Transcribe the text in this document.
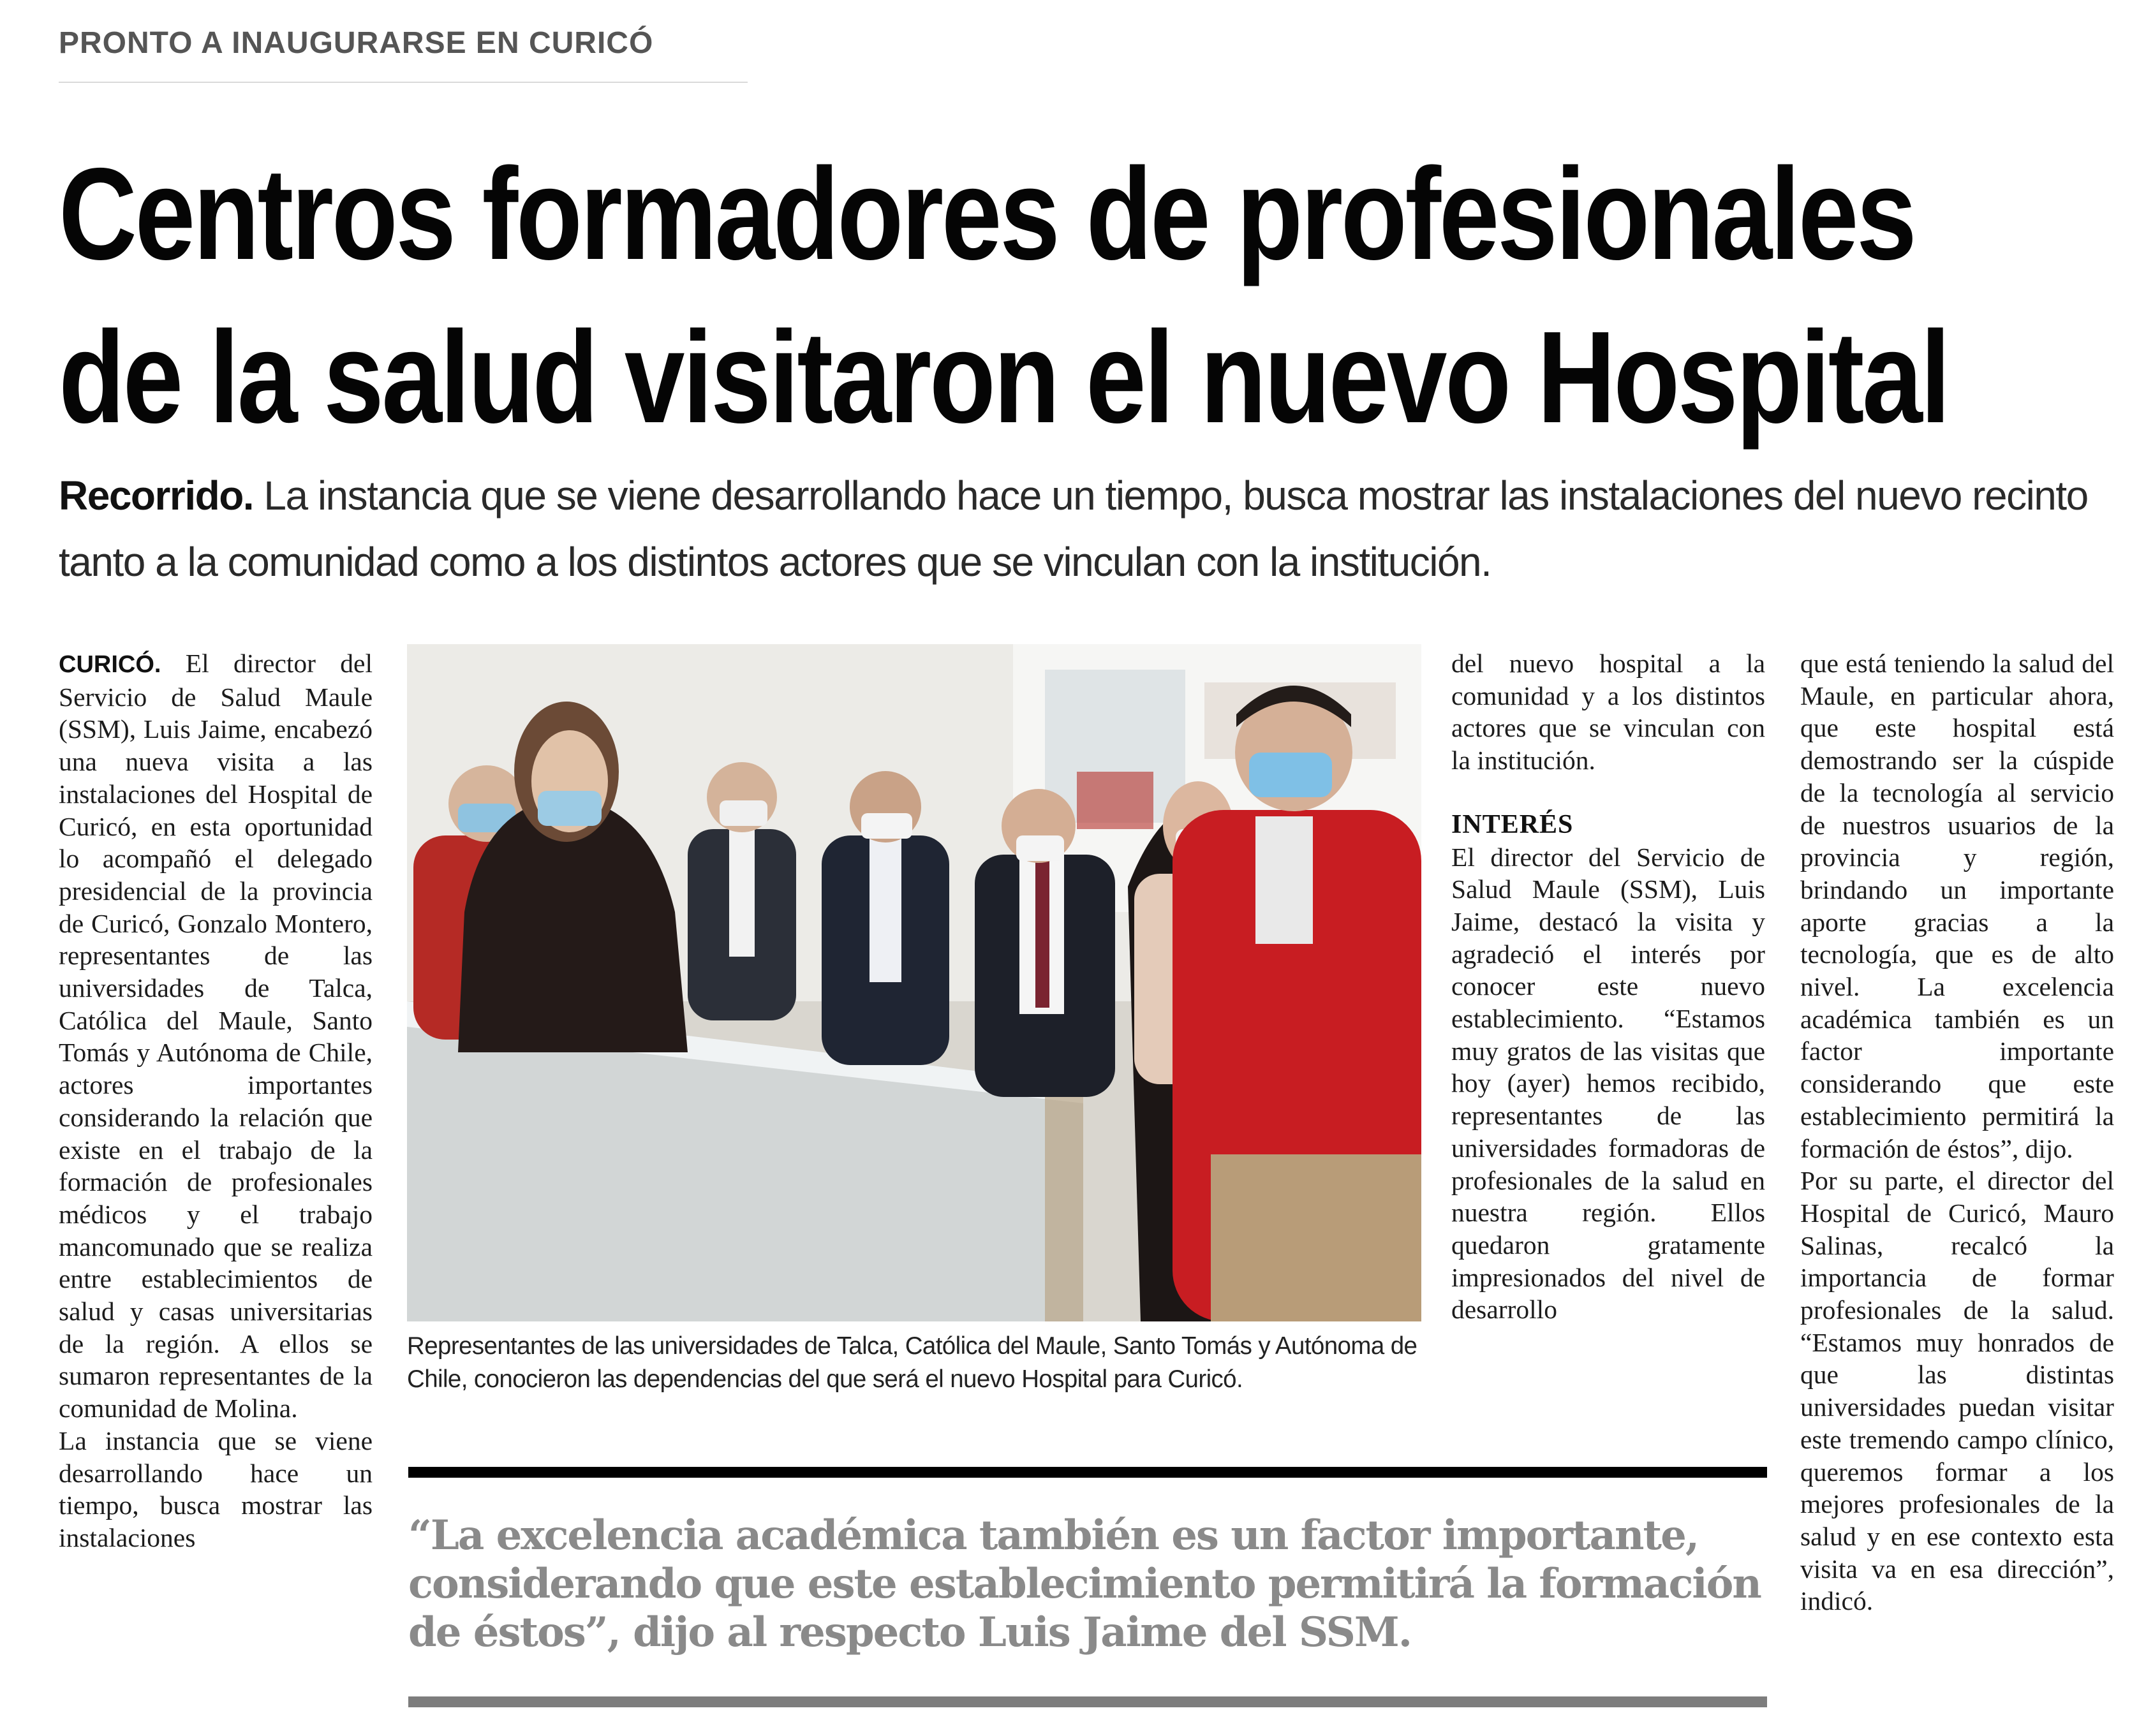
PRONTO A INAUGURARSE EN CURICÓ
Centros formadores de profesionales
de la salud visitaron el nuevo Hospital
Recorrido. La instancia que se viene desarrollando hace un tiempo, busca mostrar las instalaciones del nuevo recinto tanto a la comunidad como a los distintos actores que se vinculan con la institución.

CURICÓ. El director del Servicio de Salud Maule (SSM), Luis Jaime, encabezó una nueva visita a las instalaciones del Hospital de Curicó, en esta oportunidad lo acompañó el delegado presidencial de la provincia de Curicó, Gonzalo Montero, representantes de las universidades de Talca, Católica del Maule, Santo Tomás y Autónoma de Chile, actores importantes considerando la relación que existe en el trabajo de la formación de profesionales médicos y el trabajo mancomunado que se realiza entre establecimientos de salud y casas universitarias de la región. A ellos se sumaron representantes de la comunidad de Molina.

La instancia que se viene desarrollando hace un tiempo, busca mostrar las instalaciones

Representantes de las universidades de Talca, Católica del Maule, Santo Tomás y Autónoma de Chile, conocieron las dependencias del que será el nuevo Hospital para Curicó.

del nuevo hospital a la comunidad y a los distintos actores que se vinculan con la institución.

INTERÉS

El director del Servicio de Salud Maule (SSM), Luis Jaime, destacó la visita y agradeció el interés por conocer este nuevo establecimiento. “Estamos muy gratos de las visitas que hoy (ayer) hemos recibido, representantes de las universidades formadoras de profesionales de la salud en nuestra región. Ellos quedaron gratamente impresionados del nivel de desarrollo

que está teniendo la salud del Maule, en particular ahora, que este hospital está demostrando ser la cúspide de la tecnología al servicio de nuestros usuarios de la provincia y región, brindando un importante aporte gracias a la tecnología, que es de alto nivel. La excelencia académica también es un factor importante considerando que este establecimiento permitirá la formación de éstos”, dijo.

Por su parte, el director del Hospital de Curicó, Mauro Salinas, recalcó la importancia de formar profesionales de la salud. “Estamos muy honrados de que las distintas universidades puedan visitar este tremendo campo clínico, queremos formar a los mejores profesionales de la salud y en ese contexto esta visita va en esa dirección”, indicó.

“La excelencia académica también es un factor importante, considerando que este establecimiento permitirá la formación de éstos”, dijo al respecto Luis Jaime del SSM.
